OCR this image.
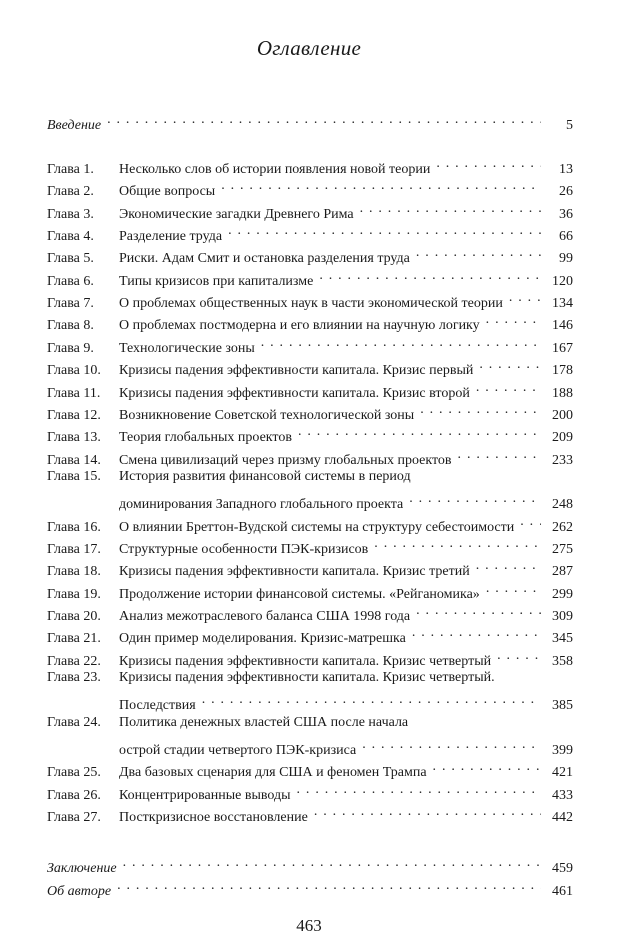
Оглавление
Введение . . .	5
Глава 1.	Несколько слов об истории появления новой теории . . .	13
Глава 2.	Общие вопросы . . .	26
Глава 3.	Экономические загадки Древнего Рима . . .	36
Глава 4.	Разделение труда . . .	66
Глава 5.	Риски. Адам Смит и остановка разделения труда . . .	99
Глава 6.	Типы кризисов при капитализме . . .	120
Глава 7.	О проблемах общественных наук в части экономической теории . . .	134
Глава 8.	О проблемах постмодерна и его влиянии на научную логику . . .	146
Глава 9.	Технологические зоны . . .	167
Глава 10.	Кризисы падения эффективности капитала. Кризис первый . . .	178
Глава 11.	Кризисы падения эффективности капитала. Кризис второй . . .	188
Глава 12.	Возникновение Советской технологической зоны . . .	200
Глава 13.	Теория глобальных проектов . . .	209
Глава 14.	Смена цивилизаций через призму глобальных проектов . . .	233
Глава 15.	История развития финансовой системы в период
доминирования Западного глобального проекта . . .	248
Глава 16.	О влиянии Бреттон-Вудской системы на структуру себестоимости . . .	262
Глава 17.	Структурные особенности ПЭК-кризисов . . .	275
Глава 18.	Кризисы падения эффективности капитала. Кризис третий . . .	287
Глава 19.	Продолжение истории финансовой системы. «Рейганомика» . . .	299
Глава 20.	Анализ межотраслевого баланса США 1998 года . . .	309
Глава 21.	Один пример моделирования. Кризис-матрешка . . .	345
Глава 22.	Кризисы падения эффективности капитала. Кризис четвертый . . .	358
Глава 23.	Кризисы падения эффективности капитала. Кризис четвертый.
Последствия . . .	385
Глава 24.	Политика денежных властей США после начала
острой стадии четвертого ПЭК-кризиса . . .	399
Глава 25.	Два базовых сценария для США и феномен Трампа . . .	421
Глава 26.	Концентрированные выводы . . .	433
Глава 27.	Посткризисное восстановление . . .	442
Заключение . . .	459
Об авторе . . .	461
463
